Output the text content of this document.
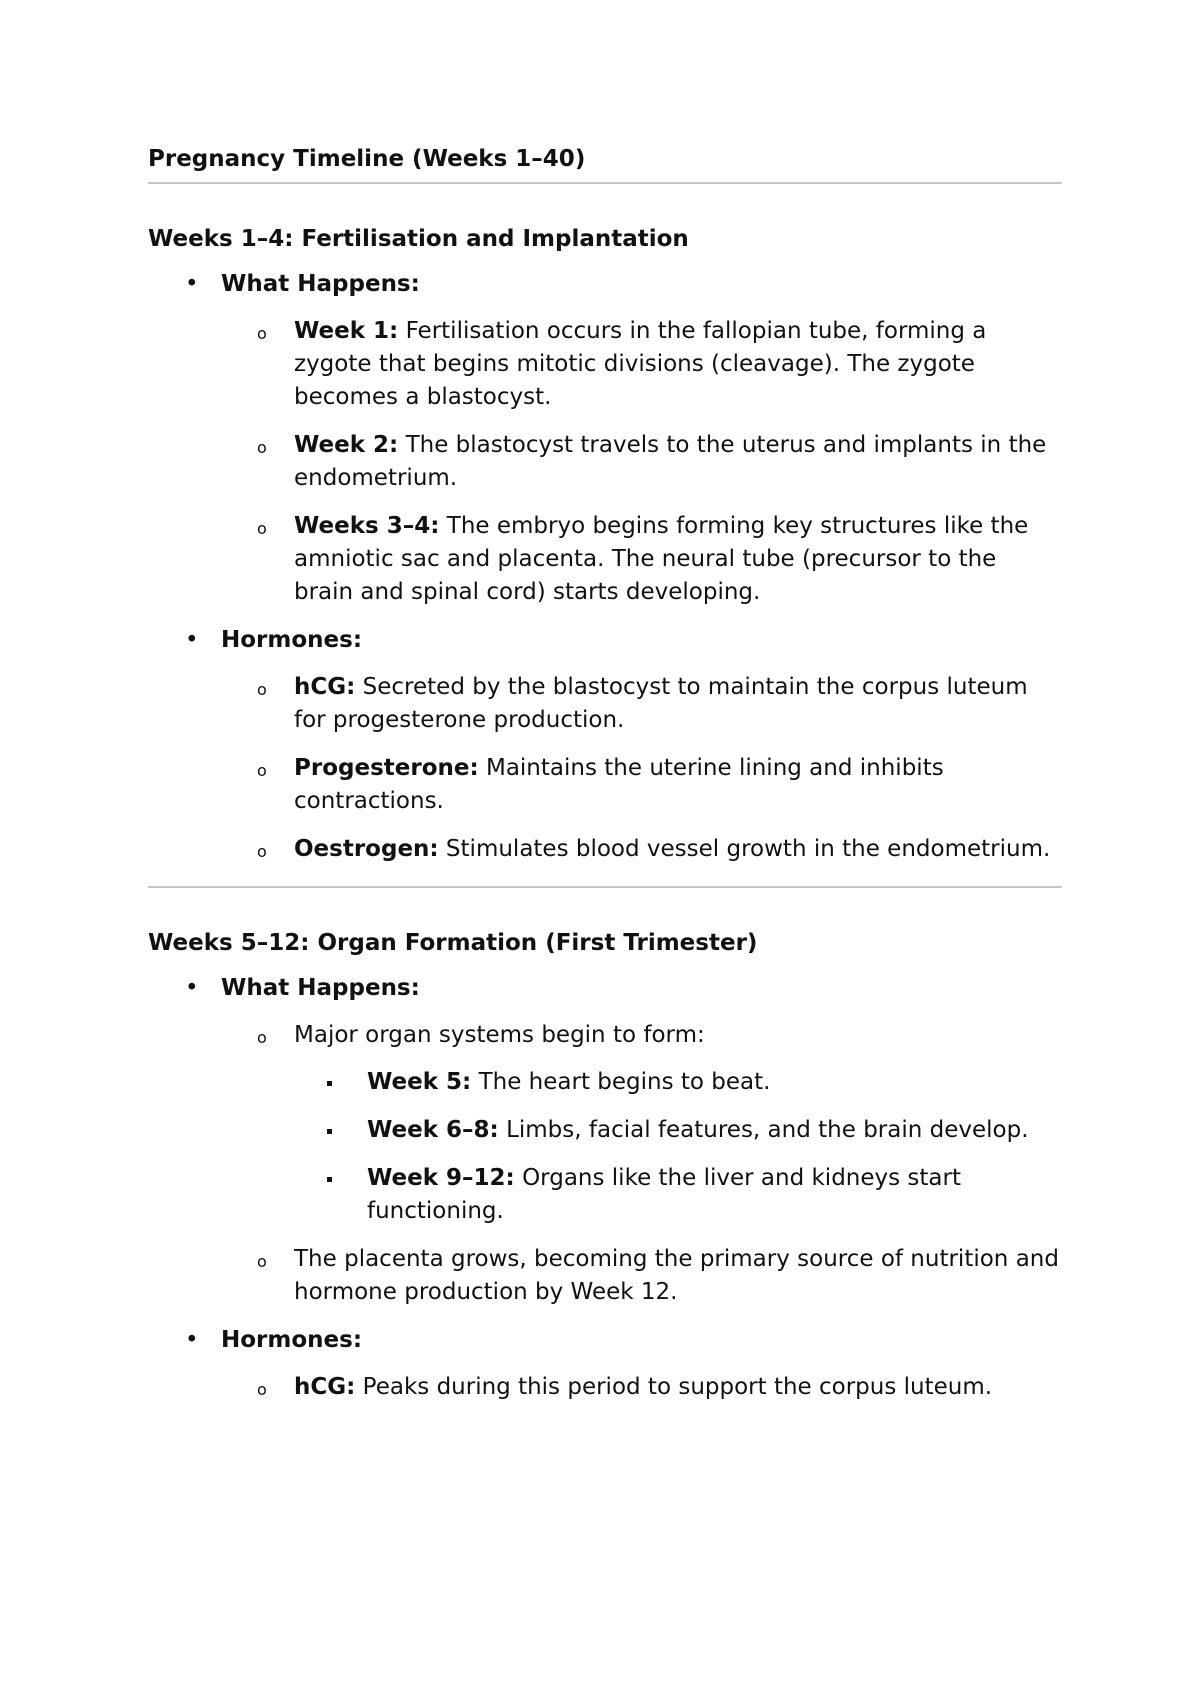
Pregnancy Timeline (Weeks 1–40)
Weeks 1–4: Fertilisation and Implantation
• What Happens:
o Week 1: Fertilisation occurs in the fallopian tube, forming a zygote that begins mitotic divisions (cleavage). The zygote becomes a blastocyst.
o Week 2: The blastocyst travels to the uterus and implants in the endometrium.
o Weeks 3–4: The embryo begins forming key structures like the amniotic sac and placenta. The neural tube (precursor to the brain and spinal cord) starts developing.
• Hormones:
o hCG: Secreted by the blastocyst to maintain the corpus luteum for progesterone production.
o Progesterone: Maintains the uterine lining and inhibits contractions.
o Oestrogen: Stimulates blood vessel growth in the endometrium.
Weeks 5–12: Organ Formation (First Trimester)
• What Happens:
o Major organ systems begin to form:
Week 5: The heart begins to beat.
Week 6–8: Limbs, facial features, and the brain develop.
Week 9–12: Organs like the liver and kidneys start functioning.
o The placenta grows, becoming the primary source of nutrition and hormone production by Week 12.
• Hormones:
o hCG: Peaks during this period to support the corpus luteum.
